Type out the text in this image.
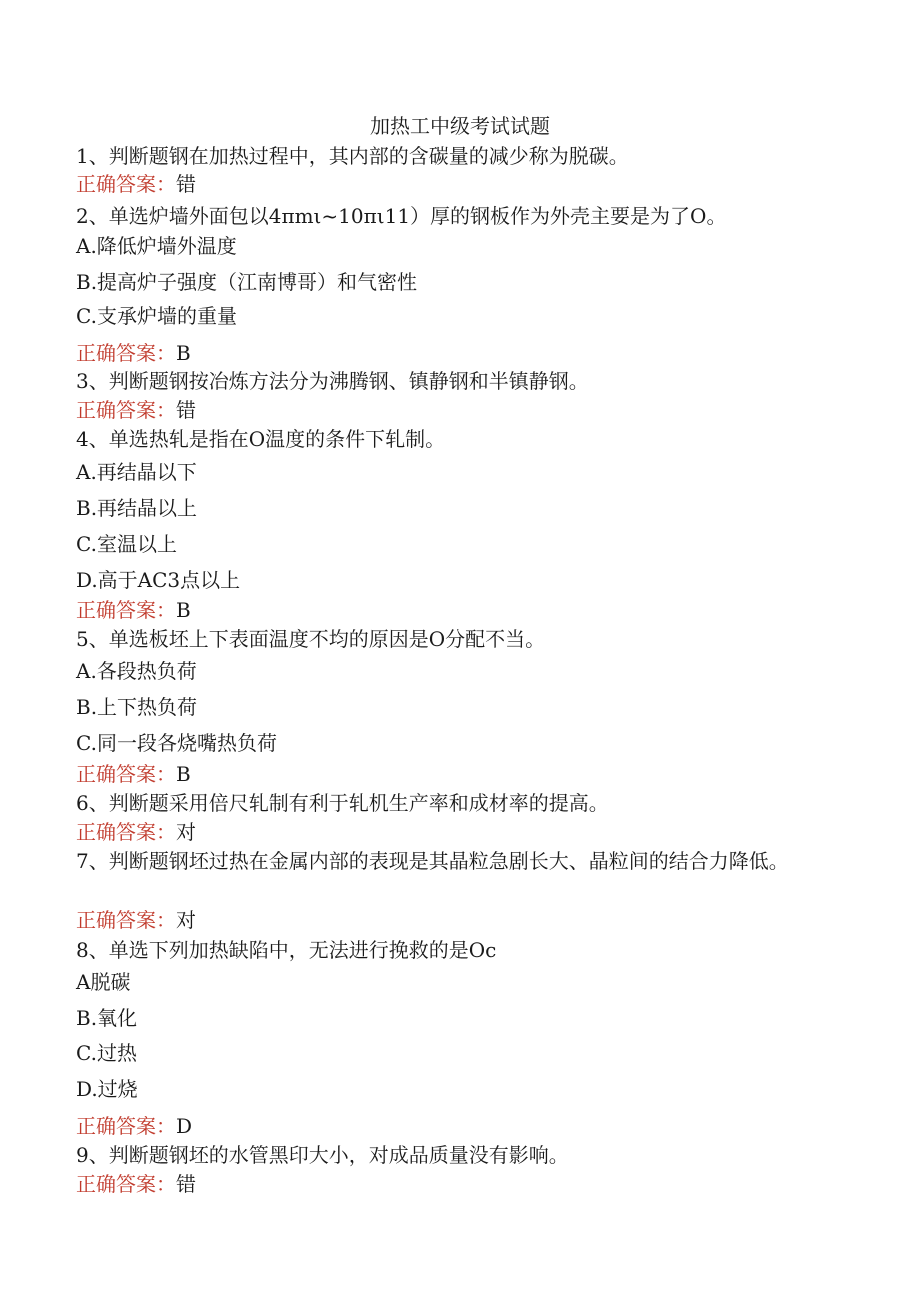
加热工中级考试试题
1、判断题钢在加热过程中，其内部的含碳量的减少称为脱碳。
正确答案：错
2、单选炉墙外面包以4πmι~10πι11）厚的钢板作为外壳主要是为了O。
A.降低炉墙外温度
B.提高炉子强度（江南博哥）和气密性
C.支承炉墙的重量
正确答案：B
3、判断题钢按冶炼方法分为沸腾钢、镇静钢和半镇静钢。
正确答案：错
4、单选热轧是指在O温度的条件下轧制。
A.再结晶以下
B.再结晶以上
C.室温以上
D.高于AC3点以上
正确答案：B
5、单选板坯上下表面温度不均的原因是O分配不当。
A.各段热负荷
B.上下热负荷
C.同一段各烧嘴热负荷
正确答案：B
6、判断题采用倍尺轧制有利于轧机生产率和成材率的提高。
正确答案：对
7、判断题钢坯过热在金属内部的表现是其晶粒急剧长大、晶粒间的结合力降低。
正确答案：对
8、单选下列加热缺陷中，无法进行挽救的是Oc
A脱碳
B.氧化
C.过热
D.过烧
正确答案：D
9、判断题钢坯的水管黑印大小，对成品质量没有影响。
正确答案：错
